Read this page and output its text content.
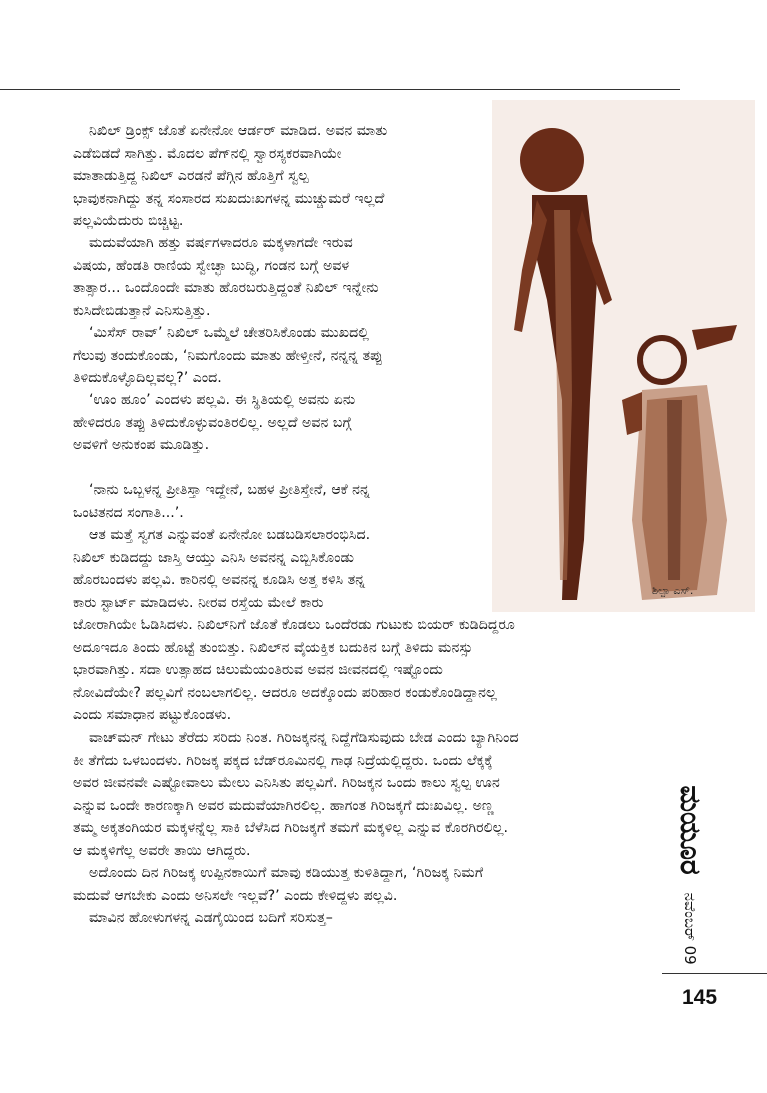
ಶಿಲ್ಪಾ ಎಸ್.

ನಿಖಿಲ್ ಡ್ರಿಂಕ್ಸ್ ಜೊತೆ ಏನೇನೋ ಆರ್ಡರ್ ಮಾಡಿದ. ಅವನ ಮಾತು
ಎಡೆಬಿಡದೆ ಸಾಗಿತ್ತು. ಮೊದಲ ಪೆಗ್‌ನಲ್ಲಿ ಸ್ವಾರಸ್ಯಕರವಾಗಿಯೇ
ಮಾತಾಡುತ್ತಿದ್ದ ನಿಖಿಲ್ ಎರಡನೆ ಪೆಗ್ಗಿನ ಹೊತ್ತಿಗೆ ಸ್ವಲ್ಪ
ಭಾವುಕನಾಗಿದ್ದು ತನ್ನ ಸಂಸಾರದ ಸುಖದುಃಖಗಳನ್ನ ಮುಚ್ಚುಮರೆ ಇಲ್ಲದೆ
ಪಲ್ಲವಿಯೆದುರು ಬಿಚ್ಚಿಟ್ಟ.

ಮದುವೆಯಾಗಿ ಹತ್ತು ವರ್ಷಗಳಾದರೂ ಮಕ್ಕಳಾಗದೇ ಇರುವ
ವಿಷಯ, ಹೆಂಡತಿ ರಾಣಿಯ ಸ್ವೇಚ್ಛಾ ಬುದ್ಧಿ, ಗಂಡನ ಬಗ್ಗೆ ಅವಳ
ತಾತ್ಸಾರ... ಒಂದೊಂದೇ ಮಾತು ಹೊರಬರುತ್ತಿದ್ದಂತೆ ನಿಖಿಲ್ ಇನ್ನೇನು
ಕುಸಿದೇಬಿಡುತ್ತಾನೆ ಎನಿಸುತ್ತಿತ್ತು.

‘ಮಿಸೆಸ್ ರಾವ್’ ನಿಖಿಲ್ ಒಮ್ಮೆಲೆ ಚೇತರಿಸಿಕೊಂಡು ಮುಖದಲ್ಲಿ
ಗೆಲುವು ತಂದುಕೊಂಡು, ‘ನಿಮಗೊಂದು ಮಾತು ಹೇಳ್ತೀನೆ, ನನ್ನನ್ನ ತಪ್ಪು
ತಿಳಿದುಕೊಳ್ಳೊದಿಲ್ಲವಲ್ಲ?’ ಎಂದ.

‘ಊಂ ಹೂಂ’ ಎಂದಳು ಪಲ್ಲವಿ. ಈ ಸ್ಥಿತಿಯಲ್ಲಿ ಅವನು ಏನು
ಹೇಳಿದರೂ ತಪ್ಪು ತಿಳಿದುಕೊಳ್ಳುವಂತಿರಲಿಲ್ಲ. ಅಲ್ಲದೆ ಅವನ ಬಗ್ಗೆ
ಅವಳಿಗೆ ಅನುಕಂಪ ಮೂಡಿತ್ತು.

‘ನಾನು ಒಬ್ಬಳನ್ನ ಪ್ರೀತಿಸ್ತಾ ಇದ್ದೇನೆ, ಬಹಳ ಪ್ರೀತಿಸ್ತೇನೆ, ಆಕೆ ನನ್ನ
ಒಂಟಿತನದ ಸಂಗಾತಿ...’.

ಆತ ಮತ್ತೆ ಸ್ವಗತ ಎನ್ನುವಂತೆ ಏನೇನೋ ಬಡಬಡಿಸಲಾರಂಭಿಸಿದ.
ನಿಖಿಲ್ ಕುಡಿದದ್ದು ಜಾಸ್ತಿ ಆಯ್ತು ಎನಿಸಿ ಅವನನ್ನ ಎಬ್ಬಿಸಿಕೊಂಡು
ಹೊರಬಂದಳು ಪಲ್ಲವಿ. ಕಾರಿನಲ್ಲಿ ಅವನನ್ನ ಕೂಡಿಸಿ ಅತ್ತ ಕಳಿಸಿ ತನ್ನ
ಕಾರು ಸ್ಟಾರ್ಟ್ ಮಾಡಿದಳು. ನೀರವ ರಸ್ತೆಯ ಮೇಲೆ ಕಾರು
ಜೋರಾಗಿಯೇ ಓಡಿಸಿದಳು. ನಿಖಿಲ್‌ನಿಗೆ ಜೊತೆ ಕೊಡಲು ಒಂದೆರಡು ಗುಟುಕು ಬಿಯರ್ ಕುಡಿದಿದ್ದರೂ
ಅದೂಇದೂ ತಿಂದು ಹೊಟ್ಟೆ ತುಂಬಿತ್ತು. ನಿಖಿಲ್‌ನ ವೈಯಕ್ತಿಕ ಬದುಕಿನ ಬಗ್ಗೆ ತಿಳಿದು ಮನಸ್ಸು
ಭಾರವಾಗಿತ್ತು. ಸದಾ ಉತ್ಸಾಹದ ಚಿಲುಮೆಯಂತಿರುವ ಅವನ ಜೀವನದಲ್ಲಿ ಇಷ್ಟೊಂದು
ನೋವಿದೆಯೇ? ಪಲ್ಲವಿಗೆ ನಂಬಲಾಗಲಿಲ್ಲ. ಆದರೂ ಅದಕ್ಕೊಂದು ಪರಿಹಾರ ಕಂಡುಕೊಂಡಿದ್ದಾನಲ್ಲ
ಎಂದು ಸಮಾಧಾನ ಪಟ್ಟುಕೊಂಡಳು.

ವಾಚ್‌ಮನ್ ಗೇಟು ತೆರೆದು ಸರಿದು ನಿಂತ. ಗಿರಿಜಕ್ಕನನ್ನ ನಿದ್ದೆಗೆಡಿಸುವುದು ಬೇಡ ಎಂದು ಬ್ಯಾಗಿನಿಂದ
ಕೀ ತೆಗೆದು ಒಳಬಂದಳು. ಗಿರಿಜಕ್ಕ ಪಕ್ಕದ ಬೆಡ್‌ರೂಮಿನಲ್ಲಿ ಗಾಢ ನಿದ್ರೆಯಲ್ಲಿದ್ದರು. ಒಂದು ಲೆಕ್ಕಕ್ಕೆ
ಅವರ ಜೀವನವೇ ಎಷ್ಟೋವಾಲು ಮೇಲು ಎನಿಸಿತು ಪಲ್ಲವಿಗೆ. ಗಿರಿಜಕ್ಕನ ಒಂದು ಕಾಲು ಸ್ವಲ್ಪ ಊನ
ಎನ್ನುವ ಒಂದೇ ಕಾರಣಕ್ಕಾಗಿ ಅವರ ಮದುವೆಯಾಗಿರಲಿಲ್ಲ. ಹಾಗಂತ ಗಿರಿಜಕ್ಕಗೆ ದುಃಖವಿಲ್ಲ. ಅಣ್ಣ
ತಮ್ಮ ಅಕ್ಕತಂಗಿಯರ ಮಕ್ಕಳನ್ನೆಲ್ಲ ಸಾಕಿ ಬೆಳೆಸಿದ ಗಿರಿಜಕ್ಕಗೆ ತಮಗೆ ಮಕ್ಕಳಿಲ್ಲ ಎನ್ನುವ ಕೊರಗಿರಲಿಲ್ಲ.
ಆ ಮಕ್ಕಳಿಗೆಲ್ಲ ಅವರೇ ತಾಯಿ ಆಗಿದ್ದರು.

ಅದೊಂದು ದಿನ ಗಿರಿಜಕ್ಕ ಉಪ್ಪಿನಕಾಯಿಗೆ ಮಾವು ಕಡಿಯುತ್ತ ಕುಳಿತಿದ್ದಾಗ, ‘ಗಿರಿಜಕ್ಕ ನಿಮಗೆ
ಮದುವೆ ಆಗಬೇಕು ಎಂದು ಅನಿಸಲೇ ಇಲ್ಲವೆ?’ ಎಂದು ಕೇಳಿದ್ದಳು ಪಲ್ಲವಿ.

ಮಾವಿನ ಹೋಳುಗಳನ್ನ ಎಡಗೈಯಿಂದ ಬದಿಗೆ ಸರಿಸುತ್ತ–

ಮಯೂರ
ನವೆಂಬರ್ 09
145
